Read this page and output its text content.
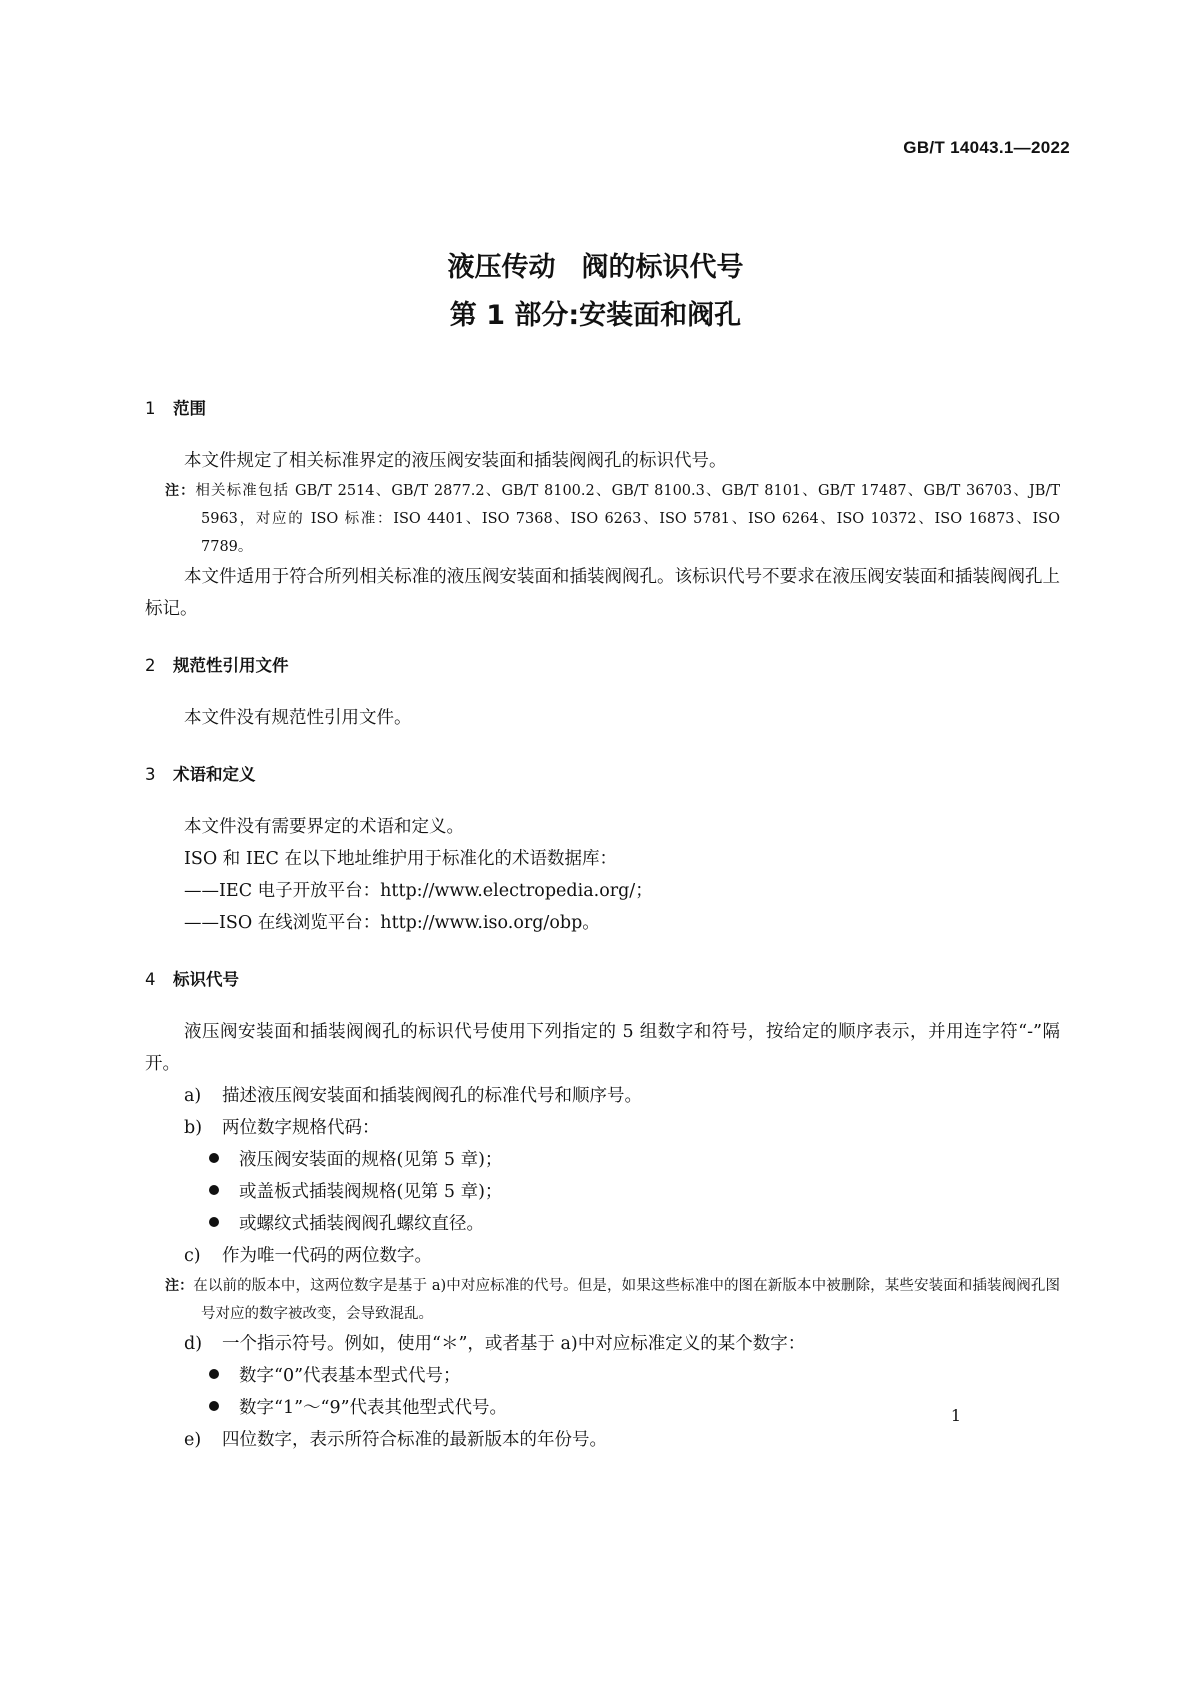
GB/T 14043.1—2022
液压传动 阀的标识代号
第 1 部分:安装面和阀孔
1 范围

本文件规定了相关标准界定的液压阀安装面和插装阀阀孔的标识代号。

注：相关标准包括 GB/T 2514、GB/T 2877.2、GB/T 8100.2、GB/T 8100.3、GB/T 8101、GB/T 17487、GB/T 36703、JB/T 5963，对应的 ISO 标准：ISO 4401、ISO 7368、ISO 6263、ISO 5781、ISO 6264、ISO 10372、ISO 16873、ISO 7789。

本文件适用于符合所列相关标准的液压阀安装面和插装阀阀孔。该标识代号不要求在液压阀安装面和插装阀阀孔上标记。

2 规范性引用文件

本文件没有规范性引用文件。

3 术语和定义

本文件没有需要界定的术语和定义。

ISO 和 IEC 在以下地址维护用于标准化的术语数据库：

——IEC 电子开放平台：http://www.electropedia.org/；

——ISO 在线浏览平台：http://www.iso.org/obp。

4 标识代号

液压阀安装面和插装阀阀孔的标识代号使用下列指定的 5 组数字和符号，按给定的顺序表示，并用连字符“-”隔开。

a) 描述液压阀安装面和插装阀阀孔的标准代号和顺序号。

b) 两位数字规格代码：

液压阀安装面的规格(见第 5 章)；

或盖板式插装阀规格(见第 5 章)；

或螺纹式插装阀阀孔螺纹直径。

c) 作为唯一代码的两位数字。

注：在以前的版本中，这两位数字是基于 a)中对应标准的代号。但是，如果这些标准中的图在新版本中被删除，某些安装面和插装阀阀孔图号对应的数字被改变，会导致混乱。

d) 一个指示符号。例如，使用“＊”，或者基于 a)中对应标准定义的某个数字：

数字“0”代表基本型式代号；

数字“1”～“9”代表其他型式代号。

e) 四位数字，表示所符合标准的最新版本的年份号。

1
